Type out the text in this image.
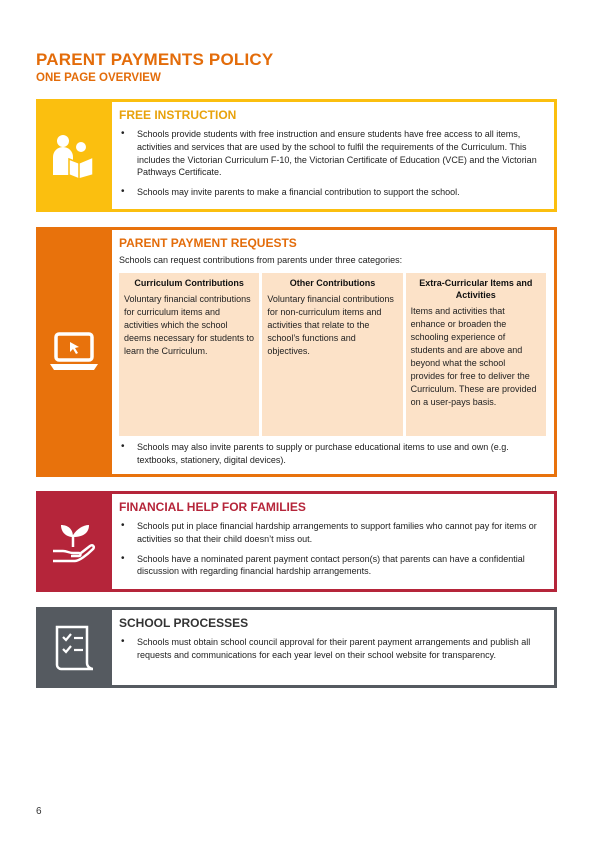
PARENT PAYMENTS POLICY
ONE PAGE OVERVIEW
FREE INSTRUCTION
• Schools provide students with free instruction and ensure students have free access to all items, activities and services that are used by the school to fulfil the requirements of the Curriculum. This includes the Victorian Curriculum F-10, the Victorian Certificate of Education (VCE) and the Victorian Pathways Certificate.
• Schools may invite parents to make a financial contribution to support the school.
PARENT PAYMENT REQUESTS
Schools can request contributions from parents under three categories:
Curriculum Contributions
Voluntary financial contributions for curriculum items and activities which the school deems necessary for students to learn the Curriculum.
Other Contributions
Voluntary financial contributions for non-curriculum items and activities that relate to the school’s functions and objectives.
Extra-Curricular Items and Activities
Items and activities that enhance or broaden the schooling experience of students and are above and beyond what the school provides for free to deliver the Curriculum. These are provided on a user-pays basis.
• Schools may also invite parents to supply or purchase educational items to use and own (e.g. textbooks, stationery, digital devices).
FINANCIAL HELP FOR FAMILIES
• Schools put in place financial hardship arrangements to support families who cannot pay for items or activities so that their child doesn’t miss out.
• Schools have a nominated parent payment contact person(s) that parents can have a confidential discussion with regarding financial hardship arrangements.
SCHOOL PROCESSES
• Schools must obtain school council approval for their parent payment arrangements and publish all requests and communications for each year level on their school website for transparency.
6
